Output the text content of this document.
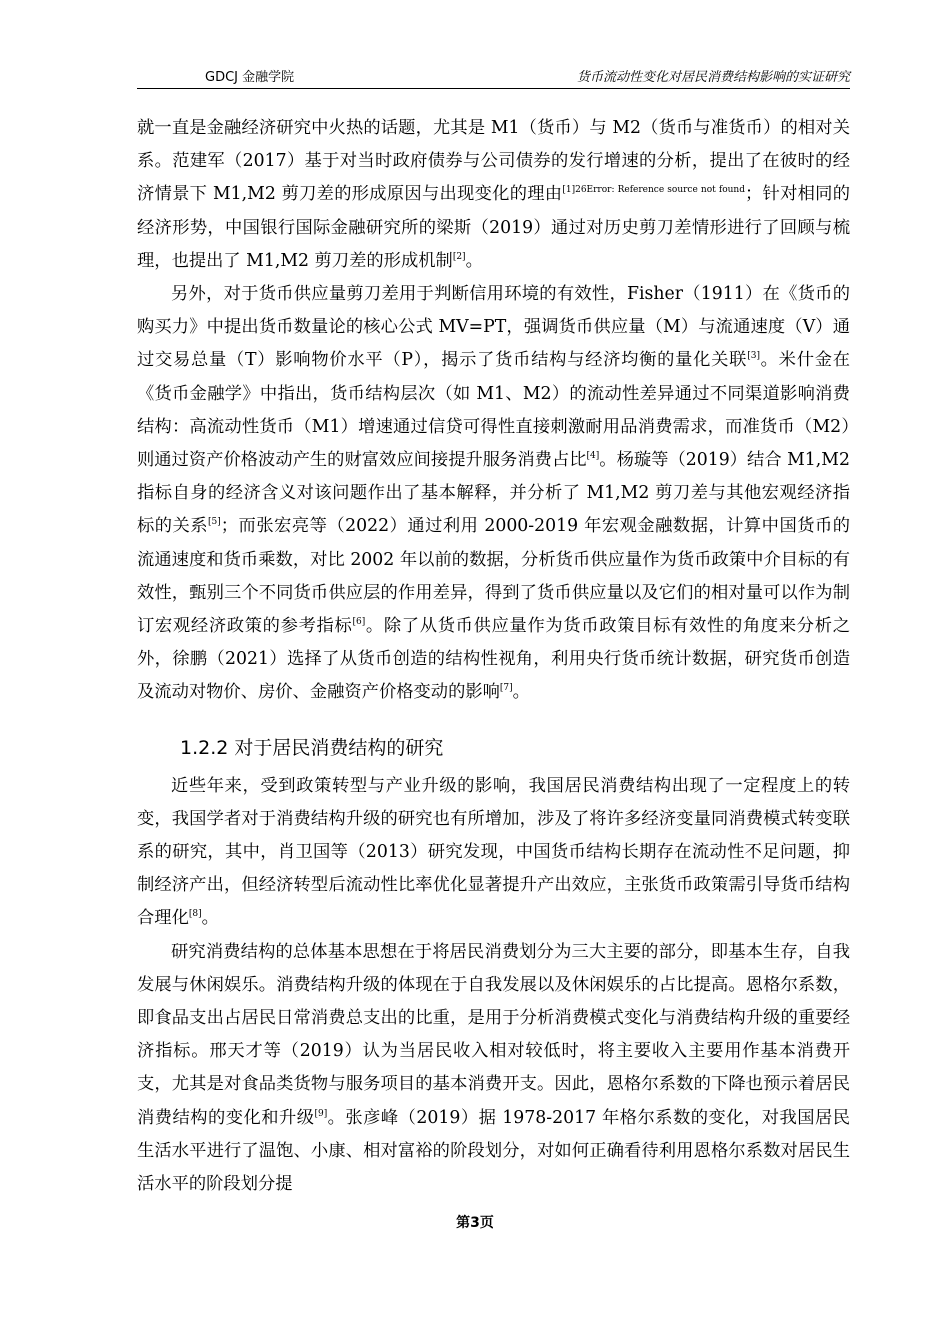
GDCJ 金融学院	货币流动性变化对居民消费结构影响的实证研究

就一直是金融经济研究中火热的话题，尤其是 M1（货币）与 M2（货币与准货币）的相对关系。范建军（2017）基于对当时政府债券与公司债券的发行增速的分析，提出了在彼时的经济情景下 M1,M2 剪刀差的形成原因与出现变化的理由$^{[1]26Error: Reference source not found}$；针对相同的经济形势，中国银行国际金融研究所的梁斯（2019）通过对历史剪刀差情形进行了回顾与梳理，也提出了 M1,M2 剪刀差的形成机制[2]。

另外，对于货币供应量剪刀差用于判断信用环境的有效性，Fisher（1911）在《货币的购买力》中提出货币数量论的核心公式 MV=PT，强调货币供应量（M）与流通速度（V）通过交易总量（T）影响物价水平（P），揭示了货币结构与经济均衡的量化关联[3]。米什金在《货币金融学》中指出，货币结构层次（如 M1、M2）的流动性差异通过不同渠道影响消费结构：高流动性货币（M1）增速通过信贷可得性直接刺激耐用品消费需求，而准货币（M2）则通过资产价格波动产生的财富效应间接提升服务消费占比[4]。杨璇等（2019）结合 M1,M2 指标自身的经济含义对该问题作出了基本解释，并分析了 M1,M2 剪刀差与其他宏观经济指标的关系[5]；而张宏亮等（2022）通过利用 2000-2019 年宏观金融数据，计算中国货币的流通速度和货币乘数，对比 2002 年以前的数据，分析货币供应量作为货币政策中介目标的有效性，甄别三个不同货币供应层的作用差异，得到了货币供应量以及它们的相对量可以作为制订宏观经济政策的参考指标[6]。除了从货币供应量作为货币政策目标有效性的角度来分析之外，徐鹏（2021）选择了从货币创造的结构性视角，利用央行货币统计数据，研究货币创造及流动对物价、房价、金融资产价格变动的影响[7]。

1.2.2 对于居民消费结构的研究

近些年来，受到政策转型与产业升级的影响，我国居民消费结构出现了一定程度上的转变，我国学者对于消费结构升级的研究也有所增加，涉及了将许多经济变量同消费模式转变联系的研究，其中，肖卫国等（2013）研究发现，中国货币结构长期存在流动性不足问题，抑制经济产出，但经济转型后流动性比率优化显著提升产出效应，主张货币政策需引导货币结构合理化[8]。

研究消费结构的总体基本思想在于将居民消费划分为三大主要的部分，即基本生存，自我发展与休闲娱乐。消费结构升级的体现在于自我发展以及休闲娱乐的占比提高。恩格尔系数，即食品支出占居民日常消费总支出的比重，是用于分析消费模式变化与消费结构升级的重要经济指标。邢天才等（2019）认为当居民收入相对较低时，将主要收入主要用作基本消费开支，尤其是对食品类货物与服务项目的基本消费开支。因此，恩格尔系数的下降也预示着居民消费结构的变化和升级[9]。张彦峰（2019）据 1978-2017 年格尔系数的变化，对我国居民生活水平进行了温饱、小康、相对富裕的阶段划分，对如何正确看待利用恩格尔系数对居民生活水平的阶段划分提

第3页
